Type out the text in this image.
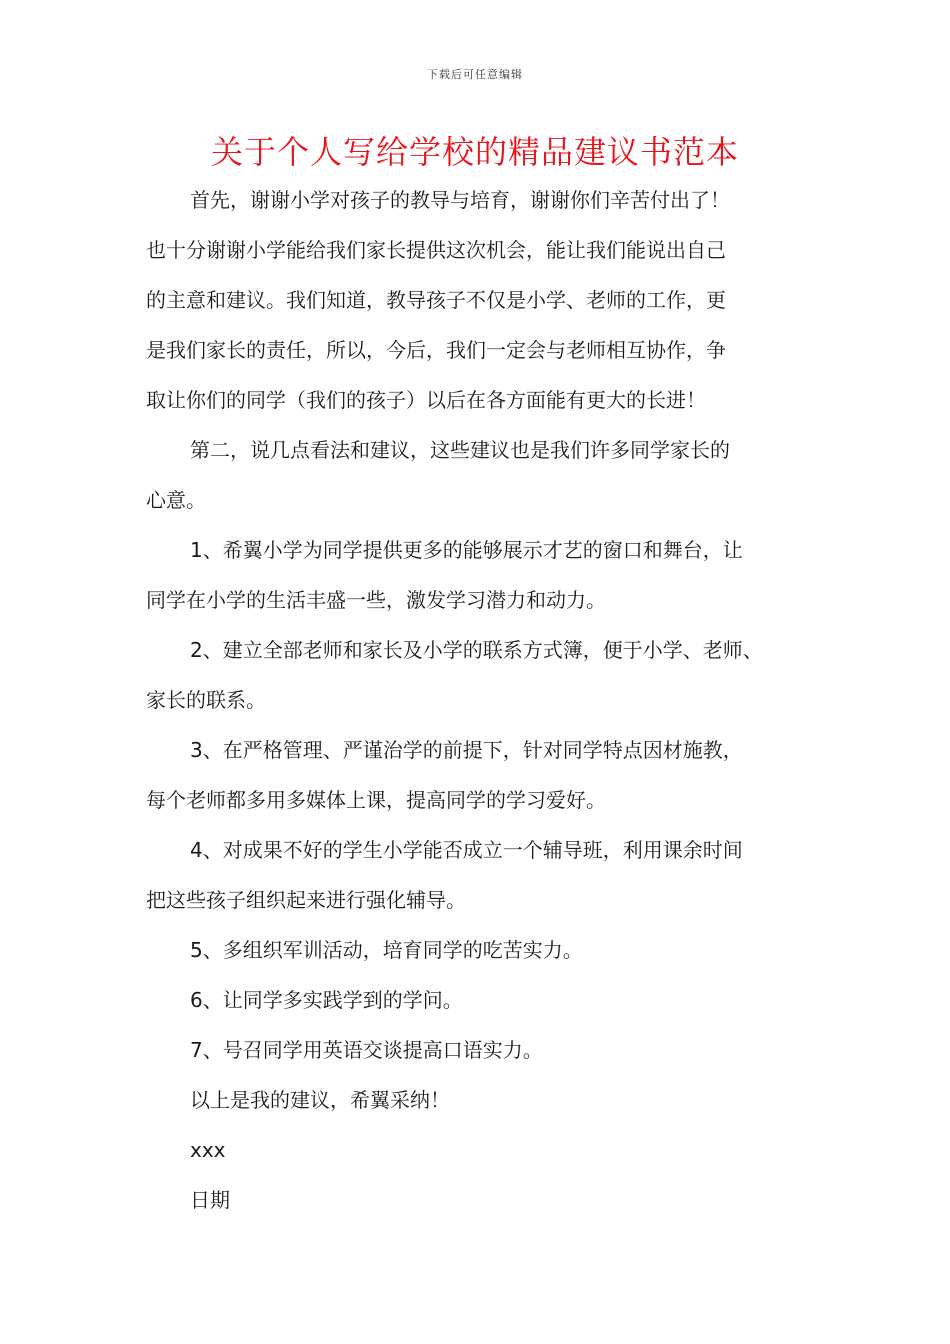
下载后可任意编辑
关于个人写给学校的精品建议书范本
首先，谢谢小学对孩子的教导与培育，谢谢你们辛苦付出了！
也十分谢谢小学能给我们家长提供这次机会，能让我们能说出自己
的主意和建议。我们知道，教导孩子不仅是小学、老师的工作，更
是我们家长的责任，所以，今后，我们一定会与老师相互协作，争
取让你们的同学（我们的孩子）以后在各方面能有更大的长进！
第二，说几点看法和建议，这些建议也是我们许多同学家长的
心意。
1、希翼小学为同学提供更多的能够展示才艺的窗口和舞台，让
同学在小学的生活丰盛一些，激发学习潜力和动力。
2、建立全部老师和家长及小学的联系方式簿，便于小学、老师、
家长的联系。
3、在严格管理、严谨治学的前提下，针对同学特点因材施教，
每个老师都多用多媒体上课，提高同学的学习爱好。
4、对成果不好的学生小学能否成立一个辅导班，利用课余时间
把这些孩子组织起来进行强化辅导。
5、多组织军训活动，培育同学的吃苦实力。
6、让同学多实践学到的学问。
7、号召同学用英语交谈提高口语实力。
以上是我的建议，希翼采纳！
xxx
日期
